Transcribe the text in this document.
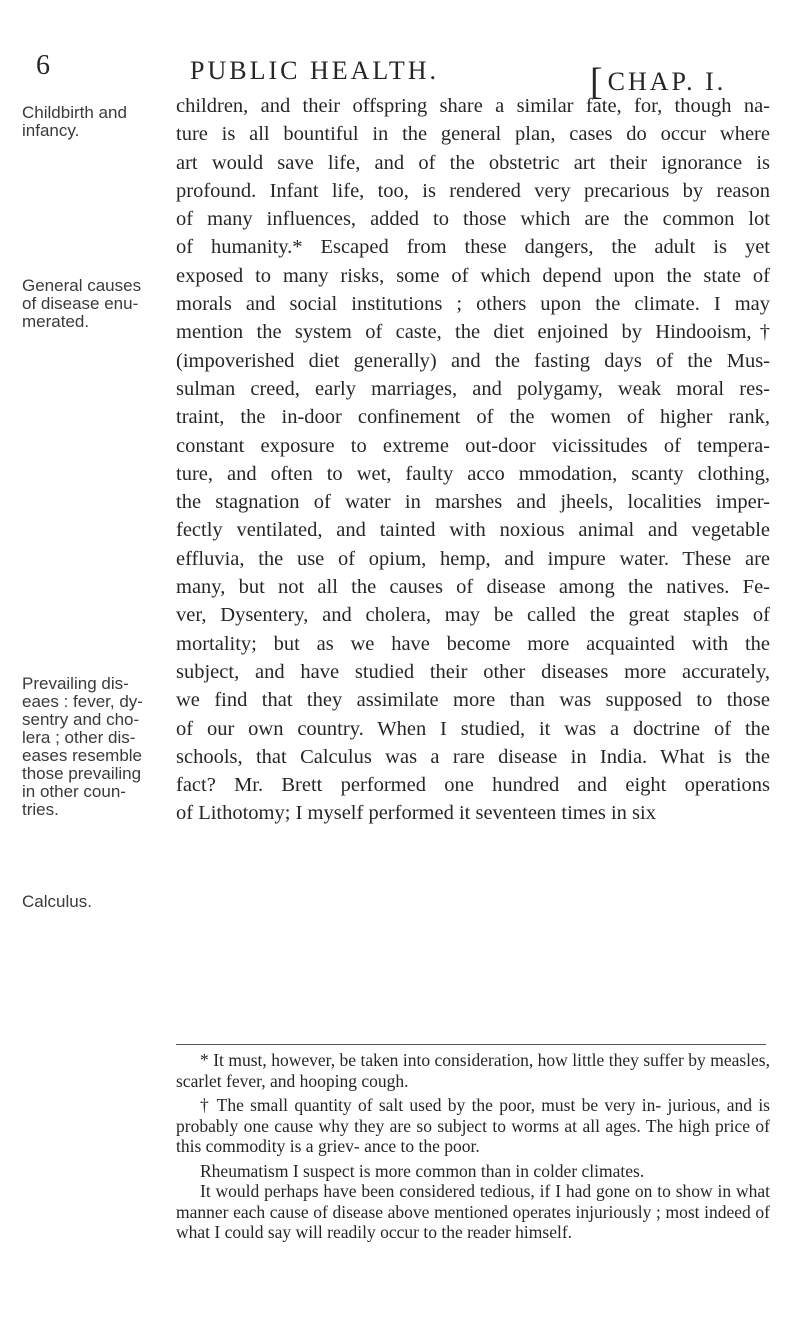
6	PUBLIC HEALTH.	[CHAP. I.
Childbirth and
infancy.
General causes
of disease enu-
merated.
Prevailing dis-
eaes : fever, dy-
sentry and cho-
lera ; other dis-
eases resemble
those prevailing
in other coun-
tries.
Calculus.
children, and their offspring share a similar fate, for, though na-
ture is all bountiful in the general plan, cases do occur where
art would save life, and of the obstetric art their ignorance is
profound. Infant life, too, is rendered very precarious by reason
of many influences, added to those which are the common lot
of humanity.* Escaped from these dangers, the adult is yet
exposed to many risks, some of which depend upon the state of
morals and social institutions ; others upon the climate. I may
mention the system of caste, the diet enjoined by Hindooism,†
(impoverished diet generally) and the fasting days of the Mus-
sulman creed, early marriages, and polygamy, weak moral res-
traint, the in-door confinement of the women of higher rank,
constant exposure to extreme out-door vicissitudes of tempera-
ture, and often to wet, faulty acco mmodation, scanty clothing,
the stagnation of water in marshes and jheels, localities imper-
fectly ventilated, and tainted with noxious animal and vegetable
effluvia, the use of opium, hemp, and impure water. These are
many, but not all the causes of disease among the natives. Fe-
ver, Dysentery, and cholera, may be called the great staples of
mortality; but as we have become more acquainted with the
subject, and have studied their other diseases more accurately,
we find that they assimilate more than was supposed to those
of our own country. When I studied, it was a doctrine of the
schools, that Calculus was a rare disease in India. What is the
fact? Mr. Brett performed one hundred and eight operations
of Lithotomy; I myself performed it seventeen times in six

* It must, however, be taken into consideration, how little they suffer by measles, scarlet fever, and hooping cough.

† The small quantity of salt used by the poor, must be very in- jurious, and is probably one cause why they are so subject to worms at all ages. The high price of this commodity is a griev- ance to the poor.

Rheumatism I suspect is more common than in colder climates.

It would perhaps have been considered tedious, if I had gone on to show in what manner each cause of disease above mentioned operates injuriously ; most indeed of what I could say will readily occur to the reader himself.
